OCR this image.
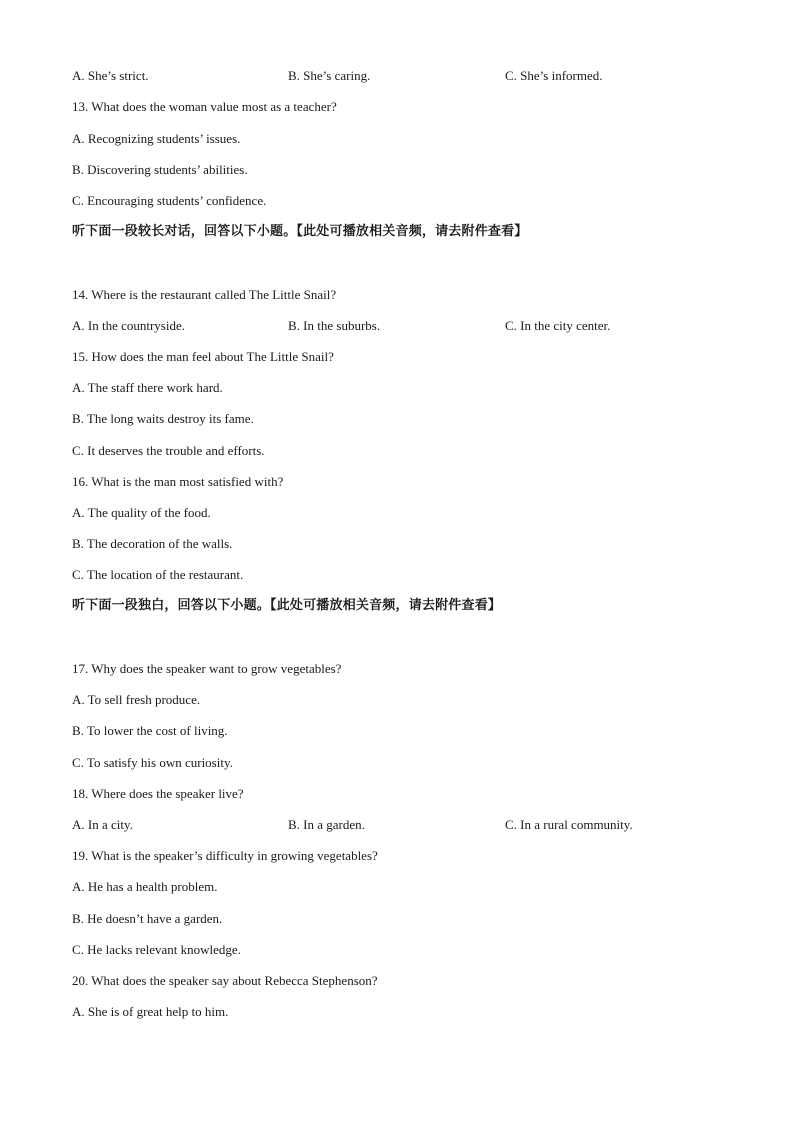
A. She’s strict.	B. She’s caring.	C. She’s informed.
13. What does the woman value most as a teacher?
A. Recognizing students’ issues.
B. Discovering students’ abilities.
C. Encouraging students’ confidence.
听下面一段较长对话，回答以下小题。【此处可播放相关音频，请去附件查看】
14. Where is the restaurant called The Little Snail?
A. In the countryside.	B. In the suburbs.	C. In the city center.
15. How does the man feel about The Little Snail?
A. The staff there work hard.
B. The long waits destroy its fame.
C. It deserves the trouble and efforts.
16. What is the man most satisfied with?
A. The quality of the food.
B. The decoration of the walls.
C. The location of the restaurant.
听下面一段独白，回答以下小题。【此处可播放相关音频，请去附件查看】
17. Why does the speaker want to grow vegetables?
A. To sell fresh produce.
B. To lower the cost of living.
C. To satisfy his own curiosity.
18. Where does the speaker live?
A. In a city.	B. In a garden.	C. In a rural community.
19. What is the speaker’s difficulty in growing vegetables?
A. He has a health problem.
B. He doesn’t have a garden.
C. He lacks relevant knowledge.
20. What does the speaker say about Rebecca Stephenson?
A. She is of great help to him.
